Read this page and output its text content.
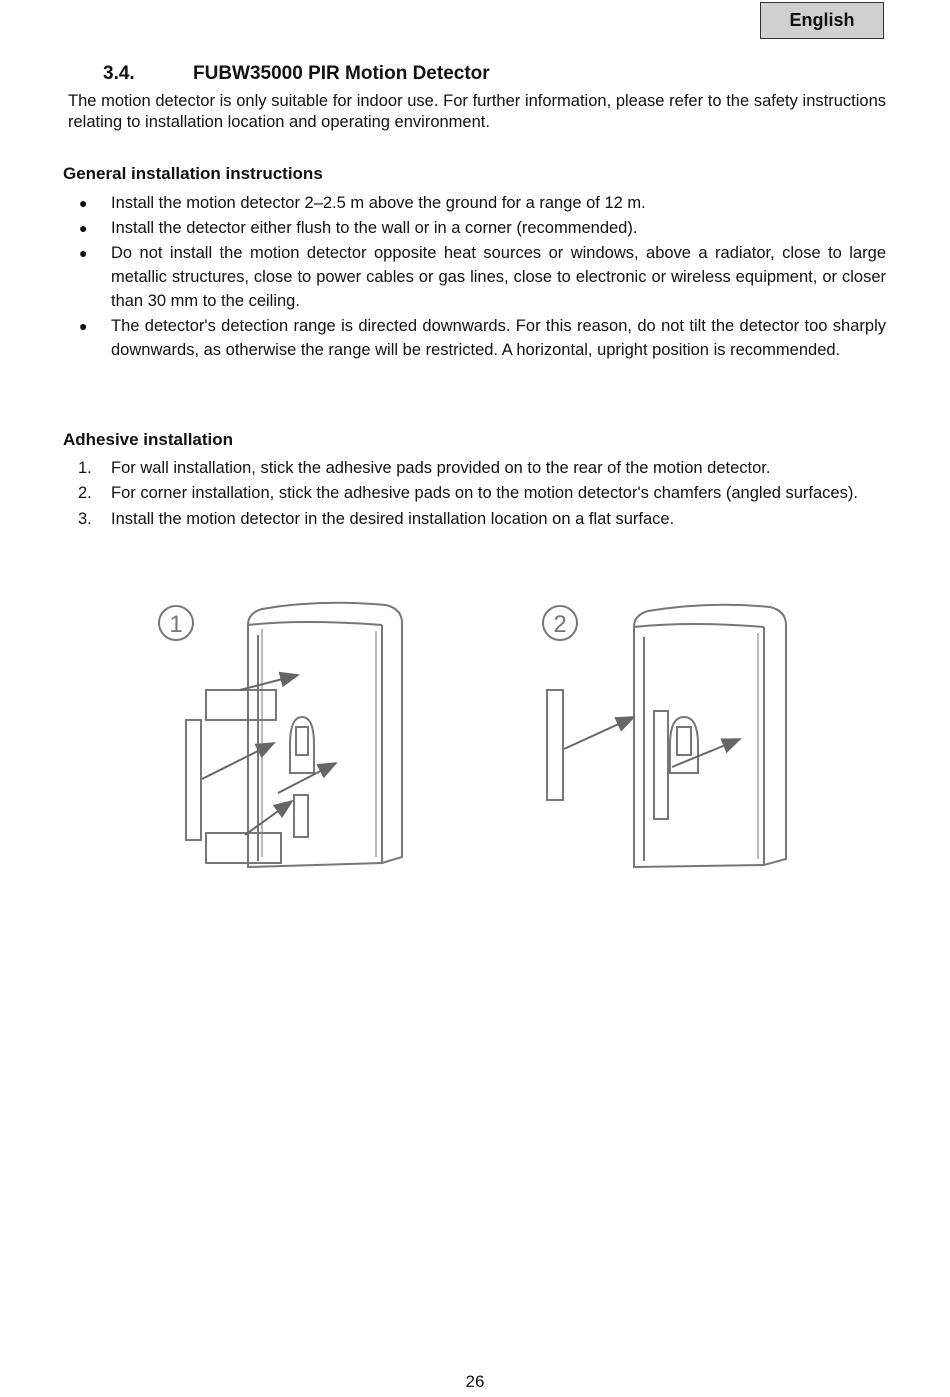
English
3.4.	FUBW35000 PIR Motion Detector
The motion detector is only suitable for indoor use. For further information, please refer to the safety instructions relating to installation location and operating environment.
General installation instructions
● Install the motion detector 2–2.5 m above the ground for a range of 12 m.
● Install the detector either flush to the wall or in a corner (recommended).
● Do not install the motion detector opposite heat sources or windows, above a radiator, close to large metallic structures, close to power cables or gas lines, close to electronic or wireless equipment, or closer than 30 mm to the ceiling.
● The detector's detection range is directed downwards. For this reason, do not tilt the detector too sharply downwards, as otherwise the range will be restricted. A horizontal, upright position is recommended.
Adhesive installation
1. For wall installation, stick the adhesive pads provided on to the rear of the motion detector.
2. For corner installation, stick the adhesive pads on to the motion detector's chamfers (angled surfaces).
3. Install the motion detector in the desired installation location on a flat surface.
1	2
26
